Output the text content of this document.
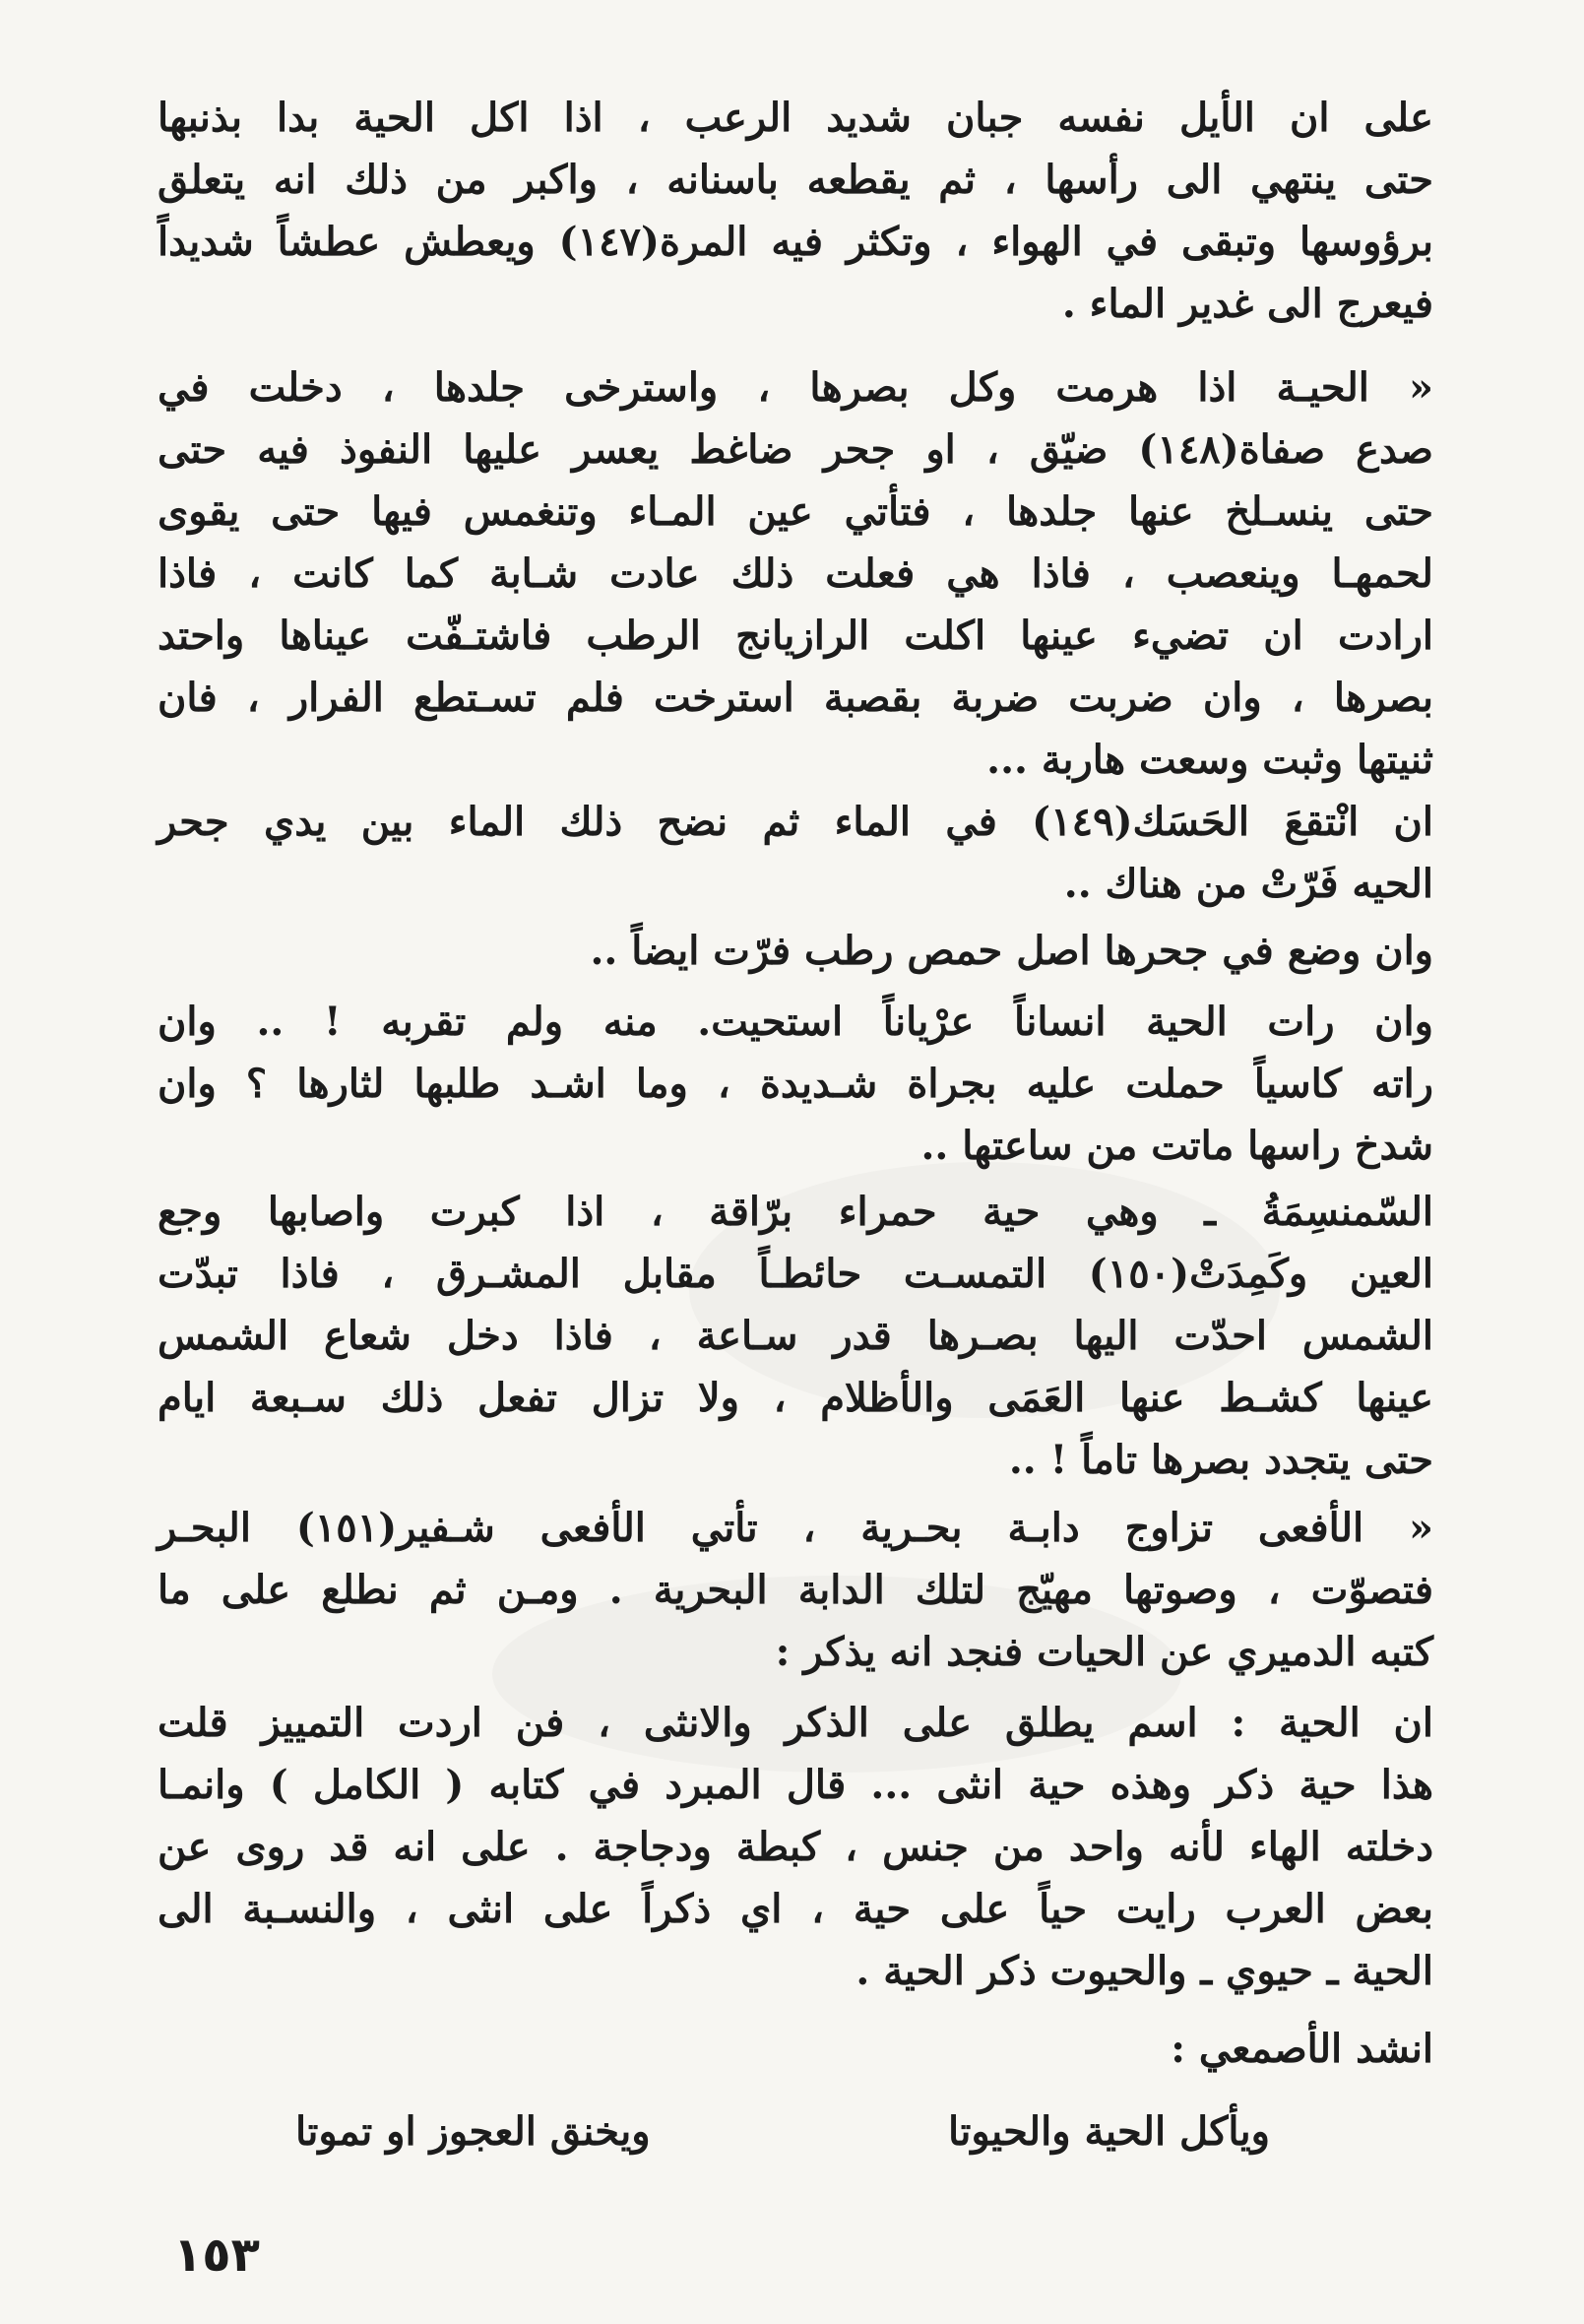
على ان الأيل نفسه جبان شديد الرعب ، اذا اكل الحية بدا بذنبها
حتى ينتهي الى رأسها ، ثم يقطعه باسنانه ، واكبر من ذلك انه يتعلق
برؤوسها وتبقى في الهواء ، وتكثر فيه المرة(١٤٧) ويعطش عطشاً شديداً
فيعرج الى غدير الماء .
« الحيـة اذا هرمت وكل بصرها ، واسترخى جلدها ، دخلت في
صدع صفاة(١٤٨) ضيّق ، او جحر ضاغط يعسر عليها النفوذ فيه حتى
حتى ينسـلخ عنها جلدها ، فتأتي عين المـاء وتنغمس فيها حتى يقوى
لحمهـا وينعصب ، فاذا هي فعلت ذلك عادت شـابة كما كانت ، فاذا
ارادت ان تضيء عينها اكلت الرازيانج الرطب فاشتـفّت عيناها واحتد
بصرها ، وان ضربت ضربة بقصبة استرخت فلم تسـتطع الفرار ، فان
ثنيتها وثبت وسعت هاربة ...
ان انْتقعَ الحَسَك(١٤٩) في الماء ثم نضح ذلك الماء بين يدي جحر
الحيه فَرّتْ من هناك ..
وان وضع في جحرها اصل حمص رطب فرّت ايضاً ..
وان رات الحية انساناً عرْياناً استحيت. منه ولم تقربه ! .. وان
راته كاسياً حملت عليه بجراة شـديدة ، وما اشـد طلبها لثارها ؟ وان
شدخ راسها ماتت من ساعتها ..
السّمنسِمَةُ ـ وهي حية حمراء برّاقة ، اذا كبرت واصابها وجع
العين وكَمِدَتْ(١٥٠) التمسـت حائطـاً مقابل المشـرق ، فاذا تبدّت
الشمس احدّت اليها بصـرها قدر سـاعة ، فاذا دخل شعاع الشمس
عينها كشـط عنها العَمَى والأظلام ، ولا تزال تفعل ذلك سـبعة ايام
حتى يتجدد بصرها تاماً ! ..
« الأفعى تزاوج دابـة بحـرية ، تأتي الأفعى شـفير(١٥١) البحـر
فتصوّت ، وصوتها مهيّج لتلك الدابة البحرية . ومـن ثم نطلع على ما
كتبه الدميري عن الحيات فنجد انه يذكر :
ان الحية : اسم يطلق على الذكر والانثى ، فن اردت التمييز قلت
هذا حية ذكر وهذه حية انثى ... قال المبرد في كتابه ( الكامل ) وانمـا
دخلته الهاء لأنه واحد من جنس ، كبطة ودجاجة . على انه قد روى عن
بعض العرب رايت حياً على حية ، اي ذكراً على انثى ، والنسـبة الى
الحية ـ حيوي ـ والحيوت ذكر الحية .
انشد الأصمعي :
ويأكل الحية والحيوتا
ويخنق العجوز او تموتا
١٥٣
